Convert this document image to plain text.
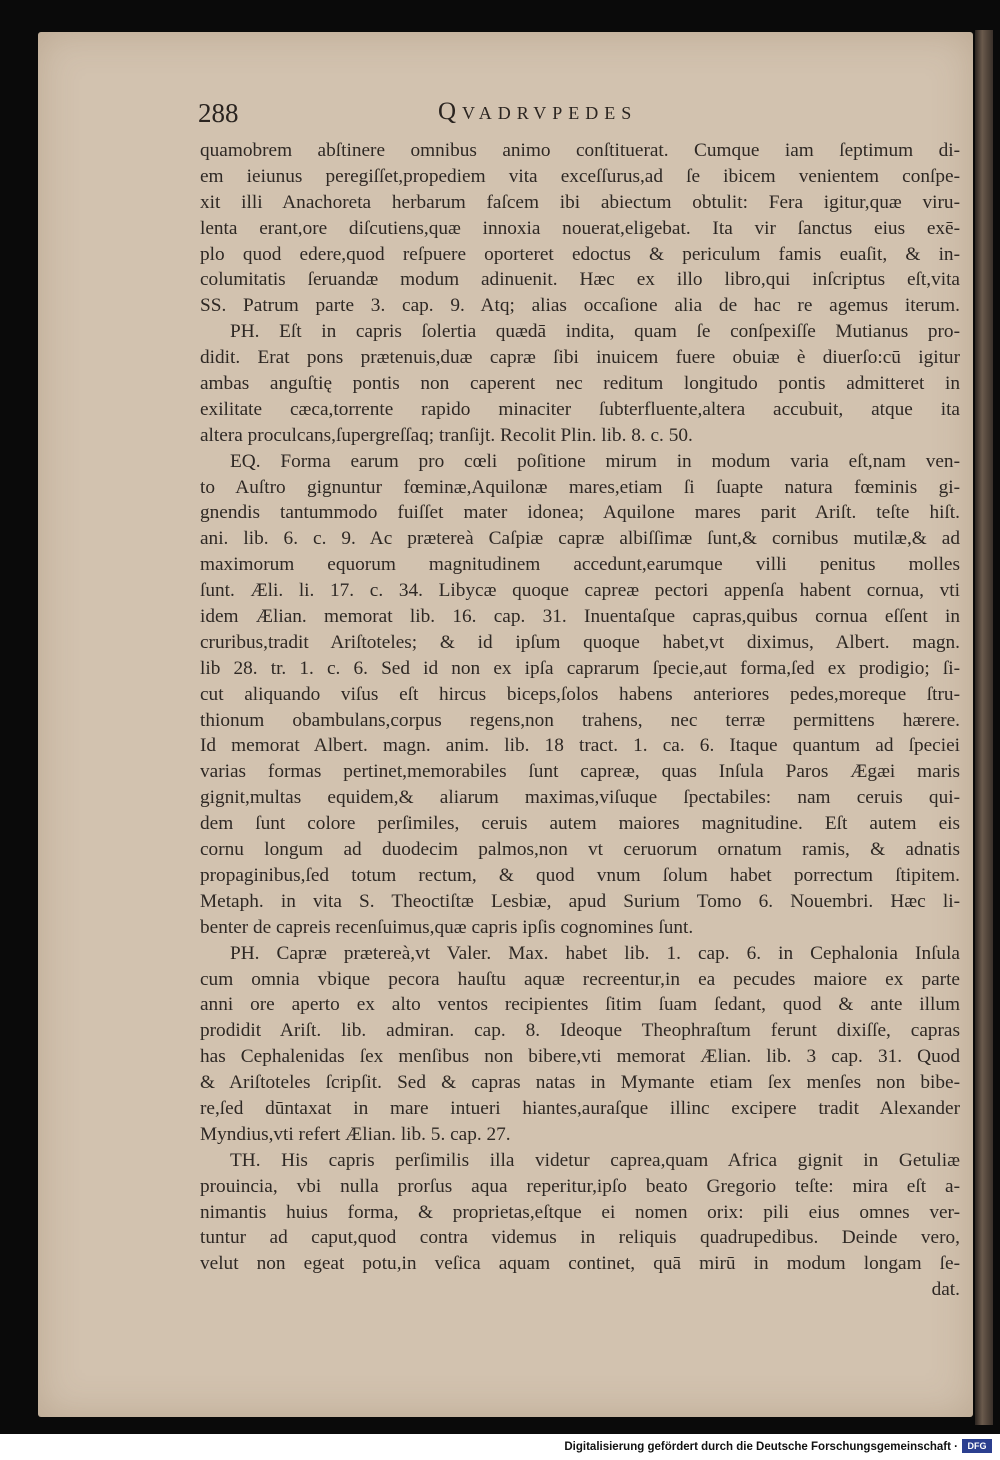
288	Qvadrvpedes
quamobrem abſtinere omnibus animo conſtituerat. Cumque iam ſeptimum di-
em ieiunus peregiſſet,propediem vita exceſſurus,ad ſe ibicem venientem conſpe-
xit illi Anachoreta herbarum faſcem ibi abiectum obtulit: Fera igitur,quæ viru-
lenta erant,ore diſcutiens,quæ innoxia nouerat,eligebat. Ita vir ſanctus eius exē-
plo quod edere,quod reſpuere oporteret edoctus & periculum famis euaſit, & in-
columitatis ſeruandæ modum adinuenit. Hæc ex illo libro,qui inſcriptus eſt,vita
SS. Patrum parte 3. cap. 9. Atq; alias occaſione alia de hac re agemus iterum.
PH. Eſt in capris ſolertia quædā indita, quam ſe conſpexiſſe Mutianus pro-
didit. Erat pons prætenuis,duæ capræ ſibi inuicem fuere obuiæ è diuerſo:cū igitur
ambas anguſtię pontis non caperent nec reditum longitudo pontis admitteret in
exilitate cæca,torrente rapido minaciter ſubterfluente,altera accubuit, atque ita
altera proculcans,ſupergreſſaq; tranſijt. Recolit Plin. lib. 8. c. 50.
EQ. Forma earum pro cœli poſitione mirum in modum varia eſt,nam ven-
to Auſtro gignuntur fœminæ,Aquilonæ mares,etiam ſi ſuapte natura fœminis gi-
gnendis tantummodo fuiſſet mater idonea; Aquilone mares parit Ariſt. teſte hiſt.
ani. lib. 6. c. 9. Ac prætereà Caſpiæ capræ albiſſimæ ſunt,& cornibus mutilæ,& ad
maximorum equorum magnitudinem accedunt,earumque villi penitus molles
ſunt. Æli. li. 17. c. 34. Libycæ quoque capreæ pectori appenſa habent cornua, vti
idem Ælian. memorat lib. 16. cap. 31. Inuentaſque capras,quibus cornua eſſent in
cruribus,tradit Ariſtoteles; & id ipſum quoque habet,vt diximus, Albert. magn.
lib 28. tr. 1. c. 6. Sed id non ex ipſa caprarum ſpecie,aut forma,ſed ex prodigio; ſi-
cut aliquando viſus eſt hircus biceps,ſolos habens anteriores pedes,moreque ſtru-
thionum obambulans,corpus regens,non trahens, nec terræ permittens hærere.
Id memorat Albert. magn. anim. lib. 18 tract. 1. ca. 6. Itaque quantum ad ſpeciei
varias formas pertinet,memorabiles ſunt capreæ, quas Inſula Paros Ægæi maris
gignit,multas equidem,& aliarum maximas,viſuque ſpectabiles: nam ceruis qui-
dem ſunt colore perſimiles, ceruis autem maiores magnitudine. Eſt autem eis
cornu longum ad duodecim palmos,non vt ceruorum ornatum ramis, & adnatis
propaginibus,ſed totum rectum, & quod vnum ſolum habet porrectum ſtipitem.
Metaph. in vita S. Theoctiſtæ Lesbiæ, apud Surium Tomo 6. Nouembri. Hæc li-
benter de capreis recenſuimus,quæ capris ipſis cognomines ſunt.
PH. Capræ prætereà,vt Valer. Max. habet lib. 1. cap. 6. in Cephalonia Inſula
cum omnia vbique pecora hauſtu aquæ recreentur,in ea pecudes maiore ex parte
anni ore aperto ex alto ventos recipientes ſitim ſuam ſedant, quod & ante illum
prodidit Ariſt. lib. admiran. cap. 8. Ideoque Theophraſtum ferunt dixiſſe, capras
has Cephalenidas ſex menſibus non bibere,vti memorat Ælian. lib. 3 cap. 31. Quod
& Ariſtoteles ſcripſit. Sed & capras natas in Mymante etiam ſex menſes non bibe-
re,ſed dūntaxat in mare intueri hiantes,auraſque illinc excipere tradit Alexander
Myndius,vti refert Ælian. lib. 5. cap. 27.
TH. His capris perſimilis illa videtur caprea,quam Africa gignit in Getuliæ
prouincia, vbi nulla prorſus aqua reperitur,ipſo beato Gregorio teſte: mira eſt a-
nimantis huius forma, & proprietas,eſtque ei nomen orix: pili eius omnes ver-
tuntur ad caput,quod contra videmus in reliquis quadrupedibus. Deinde vero,
velut non egeat potu,in veſica aquam continet, quā mirū in modum longam ſe-
dat.
Digitalisierung gefördert durch die Deutsche Forschungsgemeinschaft ·	DFG
